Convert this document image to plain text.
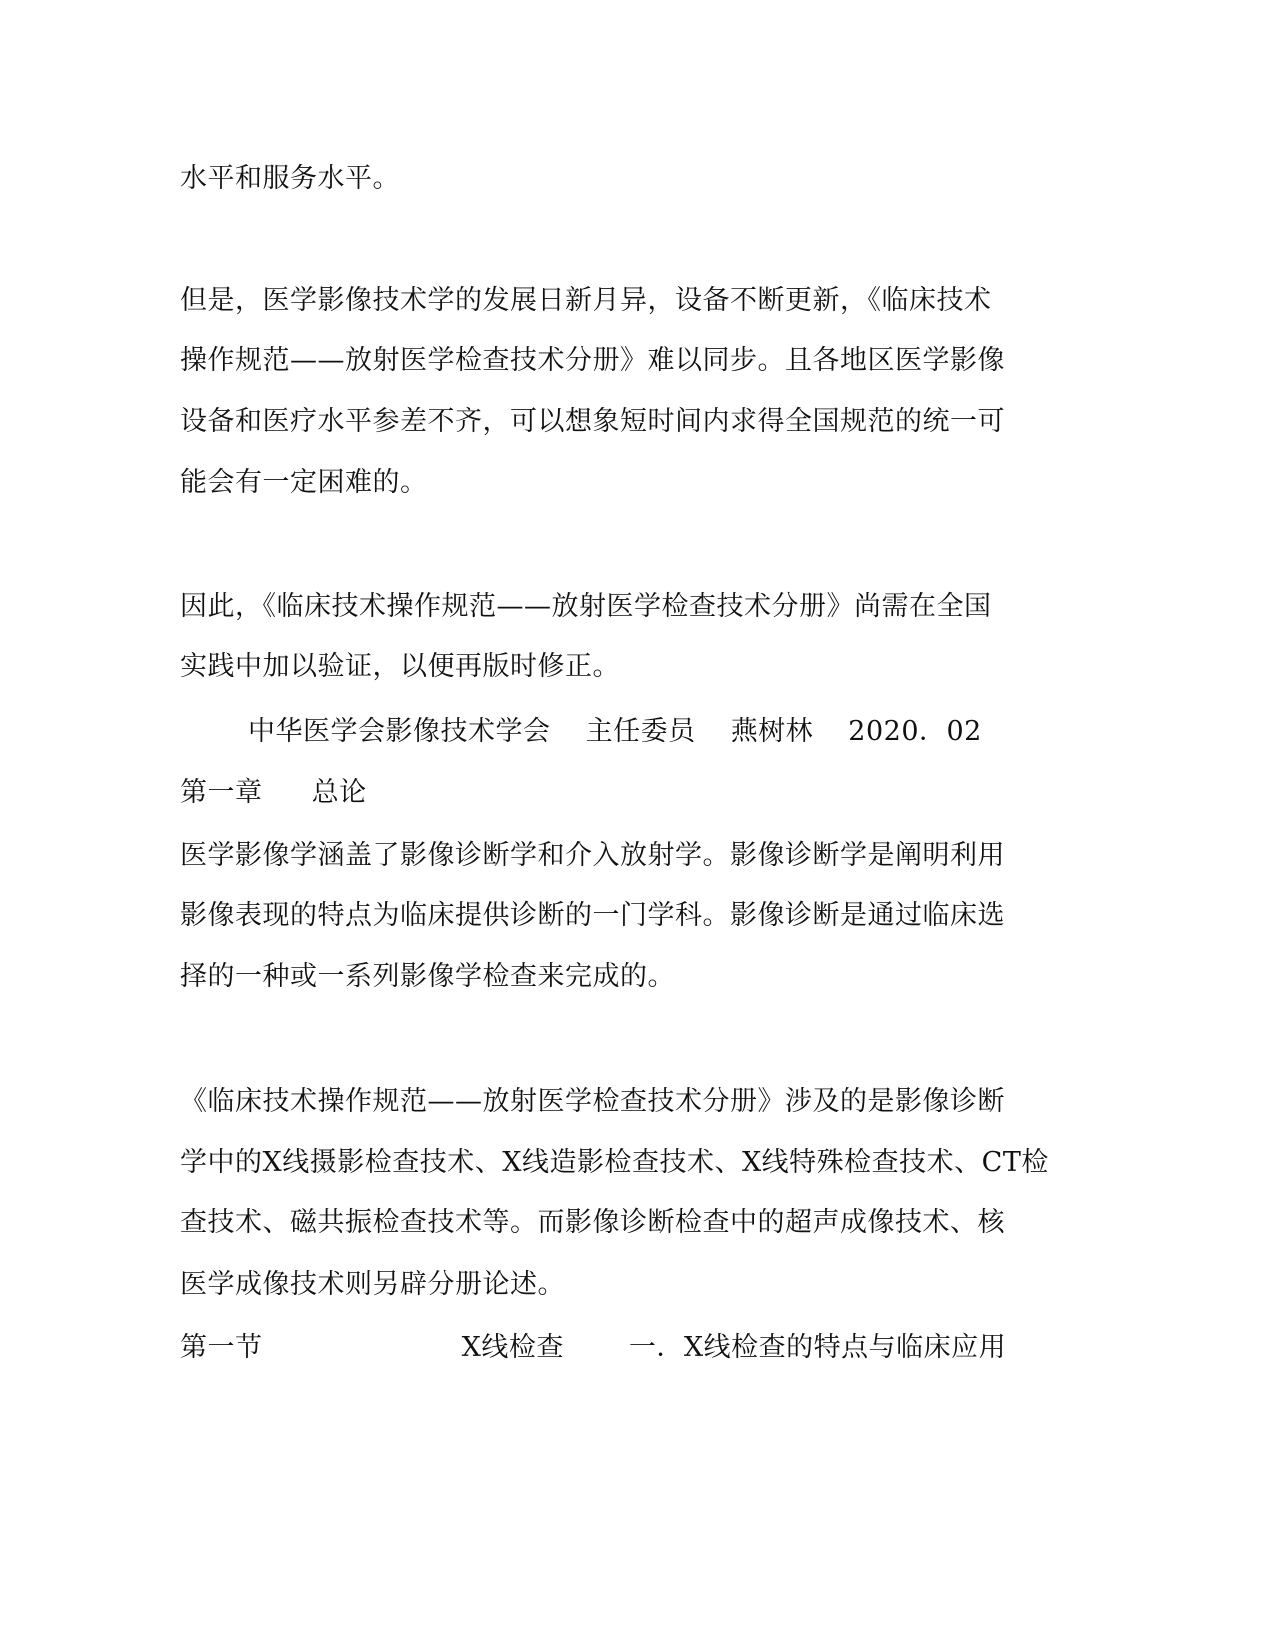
水平和服务水平。
但是，医学影像技术学的发展日新月异，设备不断更新，《临床技术
操作规范——放射医学检查技术分册》难以同步。且各地区医学影像
设备和医疗水平参差不齐，可以想象短时间内求得全国规范的统一可
能会有一定困难的。
因此，《临床技术操作规范——放射医学检查技术分册》尚需在全国
实践中加以验证，以便再版时修正。
中华医学会影像技术学会 主任委员 燕树林 2020．02
第一章 总论
医学影像学涵盖了影像诊断学和介入放射学。影像诊断学是阐明利用
影像表现的特点为临床提供诊断的一门学科。影像诊断是通过临床选
择的一种或一系列影像学检查来完成的。
《临床技术操作规范——放射医学检查技术分册》涉及的是影像诊断
学中的X线摄影检查技术、X线造影检查技术、X线特殊检查技术、CT检
查技术、磁共振检查技术等。而影像诊断检查中的超声成像技术、核
医学成像技术则另辟分册论述。
第一节	X线检查 一．X线检查的特点与临床应用
